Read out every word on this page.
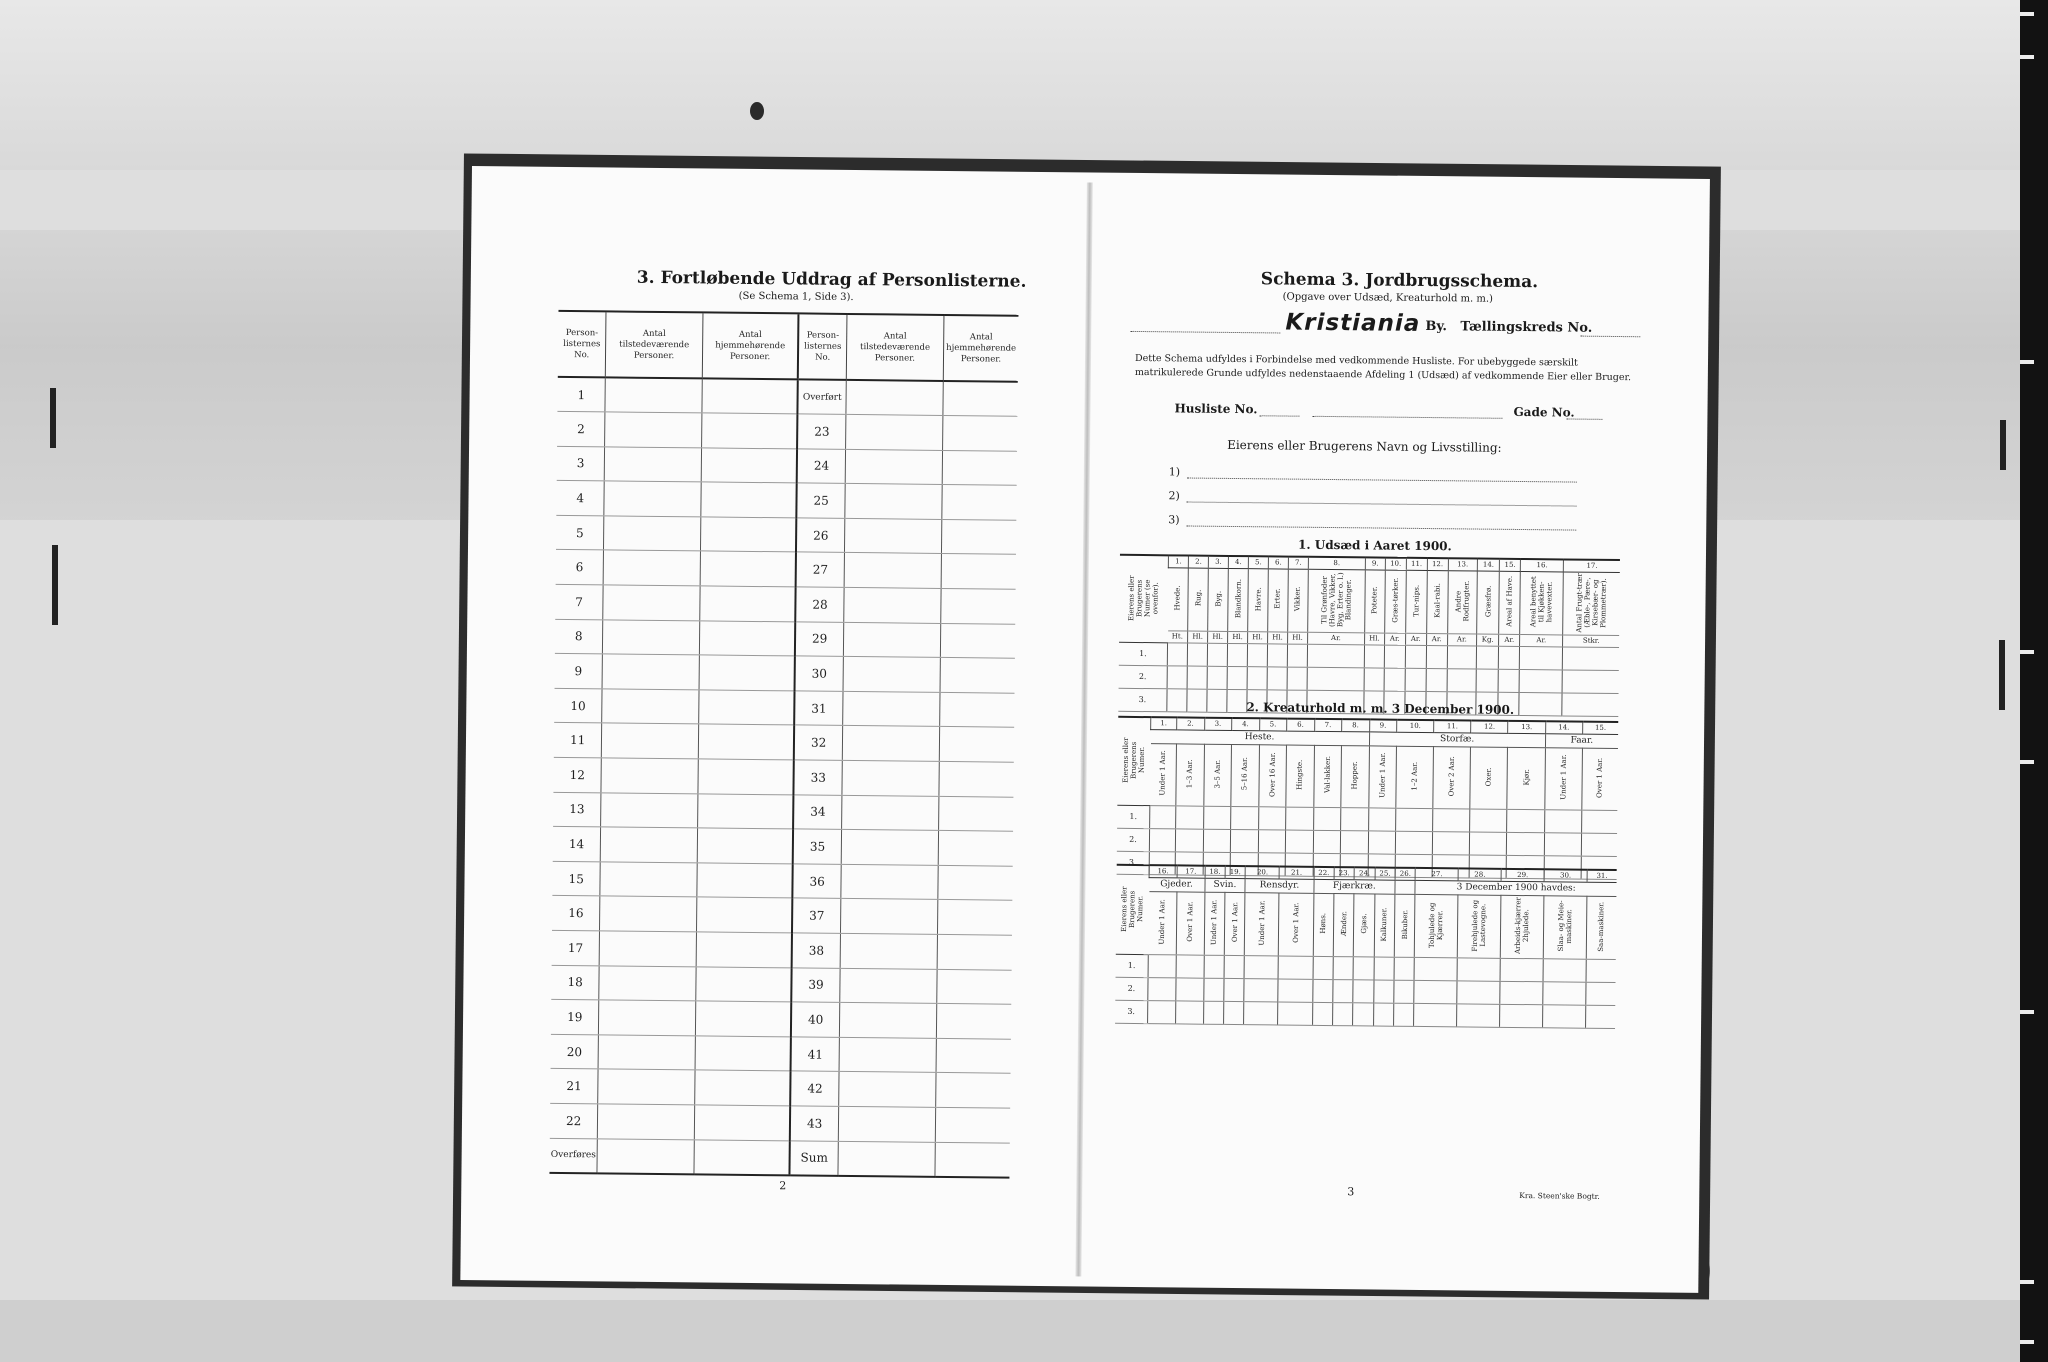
3. Fortløbende Uddrag af Personlisterne.
(Se Schema 1, Side 3).
Person-listernes No.	Antal tilstedeværende Personer.	Antal hjemmehørende Personer.	Person-listernes No.	Antal tilstedeværende Personer.	Antal hjemmehørende Personer.
1			Overført		
2			23		
3			24		
4			25		
5			26		
6			27		
7			28		
8			29		
9			30		
10			31		
11			32		
12			33		
13			34		
14			35		
15			36		
16			37		
17			38		
18			39		
19			40		
20			41		
21			42		
22			43		
Overføres			Sum		
2
Schema 3. Jordbrugsschema.
(Opgave over Udsæd, Kreaturhold m. m.)
Kristiania By. Tællingskreds No.
Dette Schema udfyldes i Forbindelse med vedkommende Husliste. For ubebyggede særskilt
matrikulerede Grunde udfyldes nedenstaaende Afdeling 1 (Udsæd) af vedkommende Eier eller Bruger.
Husliste No.	Gade No.
Eierens eller Brugerens Navn og Livsstilling:
1)
2)
3)
1. Udsæd i Aaret 1900.
Eierens eller Brugerens Numer (se ovenfor).	1.	2.	3.	4.	5.	6.	7.	8.	9.	10.	11.	12.	13.	14.	15.	16.	17.
	Hvede.	Rug.	Byg.	Blandkorn.	Havre.	Erter.	Vikker.	Til Grønfoder (Havre, Vikker, Byg, Erter o. l.) Blandinger.	Poteter.	Græs-tørker.	Tur-nips.	Kaal-rabi.	Andre Rodfrugter.	Græsfrø.	Areal af Have.	Areal benyttet til Kjøkken-havevexter.	Antal Frugt-trær (Æble-, Pære-, Kirsebær- og Plommetrær).
	Ht.	Hl.	Hl.	Hl.	Hl.	Hl.	Hl.	Ar.	Hl.	Ar.	Ar.	Ar.	Ar.	Kg.	Ar.	Ar.	Stkr.
1.																	
2.																	
3.																	
2. Kreaturhold m. m. 3 December 1900.
Eierens eller Brugerens Numer.	1.	2.	3.	4.	5.	6.	7.	8.	9.	10.	11.	12.	13.	14.	15.
	Heste.								Storfæ.					Faar.	
	Under 1 Aar.	1–3 Aar.	3–5 Aar.	5–16 Aar.	Over 16 Aar.	Hingste.	Val-lakker.	Hopper.	Under 1 Aar.	1–2 Aar.	Over 2 Aar.	Oxer.	Kjør.	Under 1 Aar.	Over 1 Aar.
1.															
2.															
3.															
Eierens eller Brugerens Numer.	16.	17.	18.	19.	20.	21.	22.	23.	24.	25.	26.	27.	28.	29.	30.	31.
	Gjeder.		Svin.		Rensdyr.		Fjærkræ.					3 December 1900 havdes:				
	Under 1 Aar.	Over 1 Aar.	Under 1 Aar.	Over 1 Aar.	Under 1 Aar.	Over 1 Aar.	Høns.	Ænder.	Gjæs.	Kalkuner.	Bikuber.	Tohjulede og Kjærrer.	Firehjulede og Lastevogne.	Arbeids-kjærrer 2hjulede.	Slaa- og Meie-maskiner.	Saa-maskiner.
1.																
2.																
3.																
3	Kra. Steen'ske Bogtr.
